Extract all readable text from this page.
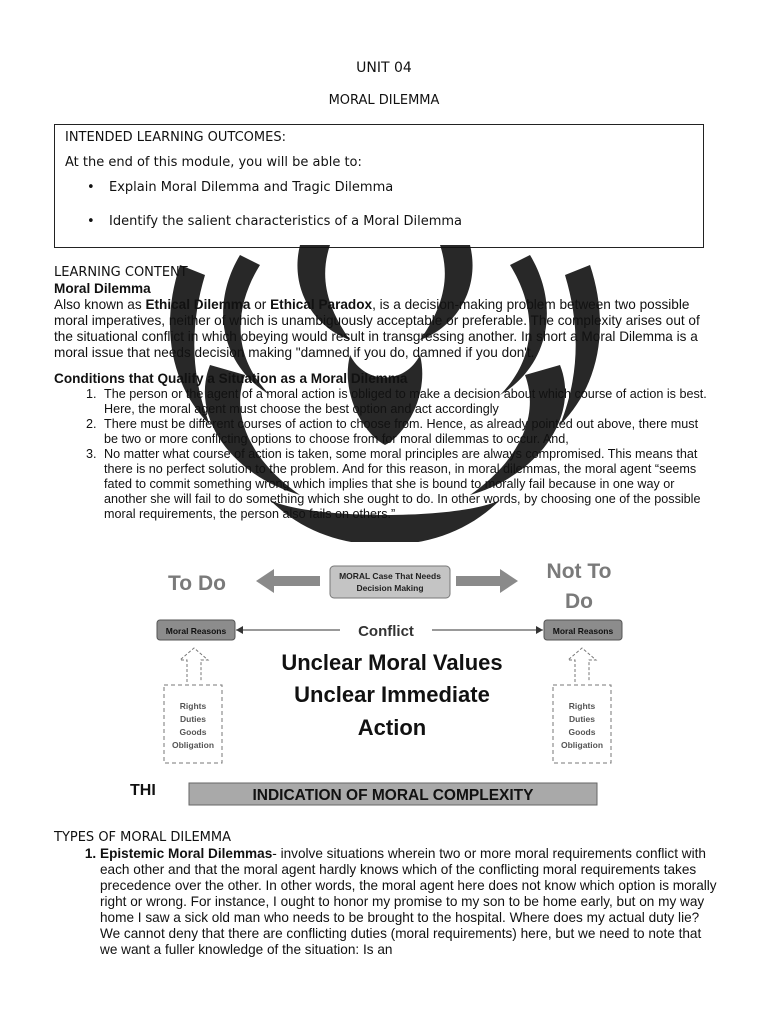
UNIT 04
MORAL DILEMMA
INTENDED LEARNING OUTCOMES:
At the end of this module, you will be able to:
• Explain Moral Dilemma and Tragic Dilemma
• Identify the salient characteristics of a Moral Dilemma

LEARNING CONTENT

Moral Dilemma

Also known as Ethical Dilemma or Ethical Paradox, is a decision-making problem between two possible moral imperatives, neither of which is unambiguously acceptable or preferable. The complexity arises out of the situational conflict in which obeying would result in transgressing another. In short a Moral Dilemma is a moral issue that needs decision making "damned if you do, damned if you don't.

Conditions that Qualify a Situation as a Moral Dilemma

1. The person or the agent of a moral action is obliged to make a decision about which course of action is best. Here, the moral agent must choose the best option and act accordingly
2. There must be different courses of action to choose from. Hence, as already pointed out above, there must be two or more conflicting options to choose from for moral dilemmas to occur. And,
3. No matter what course of action is taken, some moral principles are always compromised. This means that there is no perfect solution to the problem. And for this reason, in moral dilemmas, the moral agent “seems fated to commit something wrong which implies that she is bound to morally fail because in one way or another she will fail to do something which she ought to do. In other words, by choosing one of the possible moral requirements, the person also fails on others.”
To Do	MORAL Case That Needs
Decision Making
Not To
Do
Moral Reasons	Moral Reasons
Conflict
Unclear Moral Values
Unclear Immediate
Action
Rights
Duties
Goods
Obligation
Rights
Duties
Goods
Obligation
THI	INDICATION OF MORAL COMPLEXITY

TYPES OF MORAL DILEMMA

1. Epistemic Moral Dilemmas- involve situations wherein two or more moral requirements conflict with each other and that the moral agent hardly knows which of the conflicting moral requirements takes precedence over the other. In other words, the moral agent here does not know which option is morally right or wrong. For instance, I ought to honor my promise to my son to be home early, but on my way home I saw a sick old man who needs to be brought to the hospital. Where does my actual duty lie? We cannot deny that there are conflicting duties (moral requirements) here, but we need to note that we want a fuller knowledge of the situation: Is an
